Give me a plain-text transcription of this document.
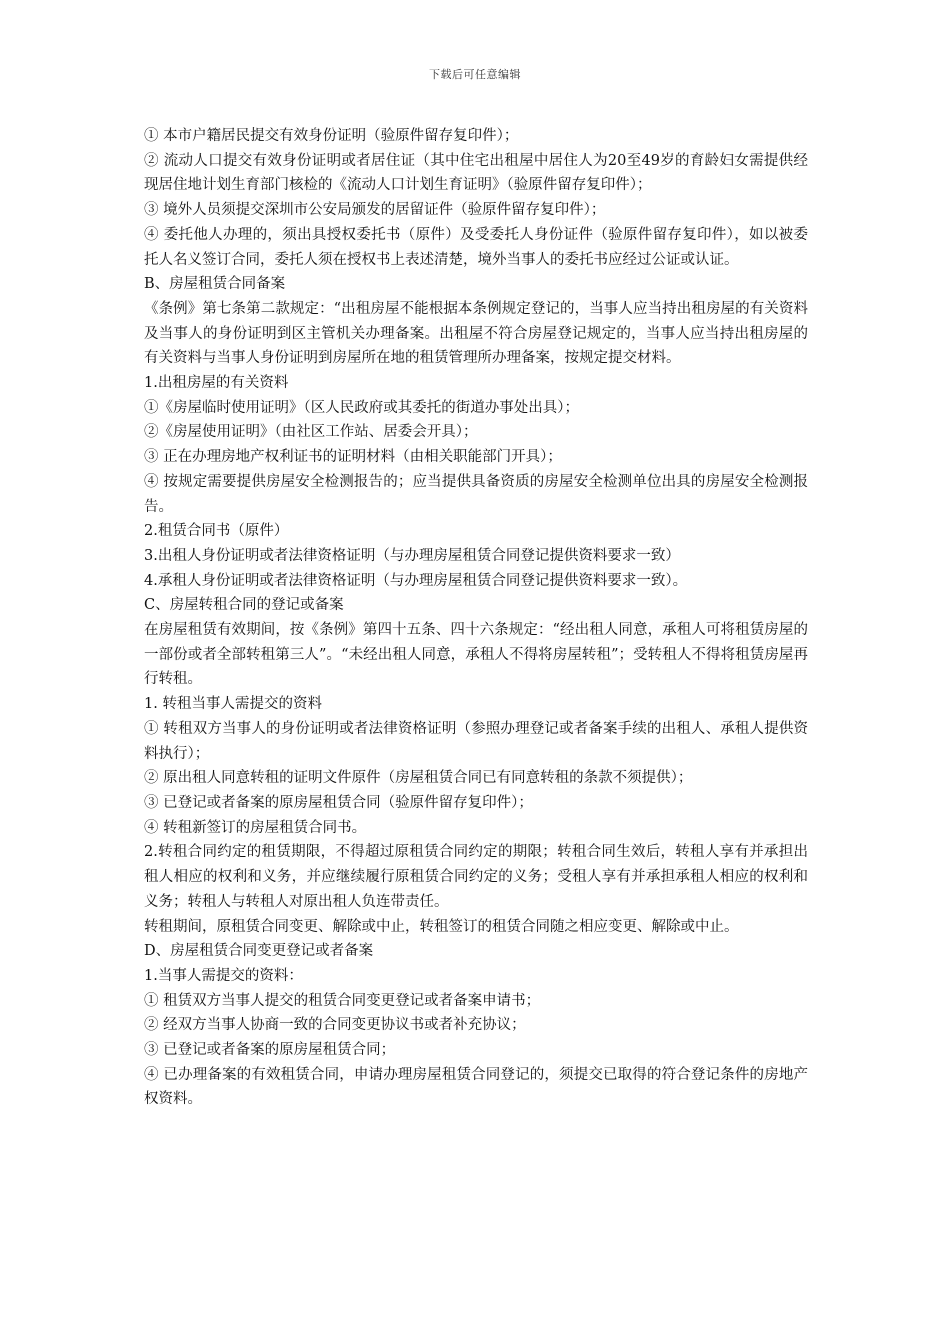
下载后可任意编辑

① 本市户籍居民提交有效身份证明（验原件留存复印件）；

② 流动人口提交有效身份证明或者居住证（其中住宅出租屋中居住人为20至49岁的育龄妇女需提供经现居住地计划生育部门核检的《流动人口计划生育证明》（验原件留存复印件）；

③ 境外人员须提交深圳市公安局颁发的居留证件（验原件留存复印件）；

④ 委托他人办理的，须出具授权委托书（原件）及受委托人身份证件（验原件留存复印件），如以被委托人名义签订合同，委托人须在授权书上表述清楚，境外当事人的委托书应经过公证或认证。

B、房屋租赁合同备案

《条例》第七条第二款规定：“出租房屋不能根据本条例规定登记的，当事人应当持出租房屋的有关资料及当事人的身份证明到区主管机关办理备案。出租屋不符合房屋登记规定的，当事人应当持出租房屋的有关资料与当事人身份证明到房屋所在地的租赁管理所办理备案，按规定提交材料。

1.出租房屋的有关资料

①《房屋临时使用证明》（区人民政府或其委托的街道办事处出具）；

②《房屋使用证明》（由社区工作站、居委会开具）；

③ 正在办理房地产权利证书的证明材料（由相关职能部门开具）；

④ 按规定需要提供房屋安全检测报告的；应当提供具备资质的房屋安全检测单位出具的房屋安全检测报告。

2.租赁合同书（原件）

3.出租人身份证明或者法律资格证明（与办理房屋租赁合同登记提供资料要求一致）

4.承租人身份证明或者法律资格证明（与办理房屋租赁合同登记提供资料要求一致）。

C、房屋转租合同的登记或备案

在房屋租赁有效期间，按《条例》第四十五条、四十六条规定：“经出租人同意，承租人可将租赁房屋的一部份或者全部转租第三人”。“未经出租人同意，承租人不得将房屋转租”；受转租人不得将租赁房屋再行转租。

1. 转租当事人需提交的资料

① 转租双方当事人的身份证明或者法律资格证明（参照办理登记或者备案手续的出租人、承租人提供资料执行）；

② 原出租人同意转租的证明文件原件（房屋租赁合同已有同意转租的条款不须提供）；

③ 已登记或者备案的原房屋租赁合同（验原件留存复印件）；

④ 转租新签订的房屋租赁合同书。

2.转租合同约定的租赁期限，不得超过原租赁合同约定的期限；转租合同生效后，转租人享有并承担出租人相应的权利和义务，并应继续履行原租赁合同约定的义务；受租人享有并承担承租人相应的权利和义务；转租人与转租人对原出租人负连带责任。

转租期间，原租赁合同变更、解除或中止，转租签订的租赁合同随之相应变更、解除或中止。

D、房屋租赁合同变更登记或者备案

1.当事人需提交的资料：

① 租赁双方当事人提交的租赁合同变更登记或者备案申请书；

② 经双方当事人协商一致的合同变更协议书或者补充协议；

③ 已登记或者备案的原房屋租赁合同；

④ 已办理备案的有效租赁合同，申请办理房屋租赁合同登记的，须提交已取得的符合登记条件的房地产权资料。
